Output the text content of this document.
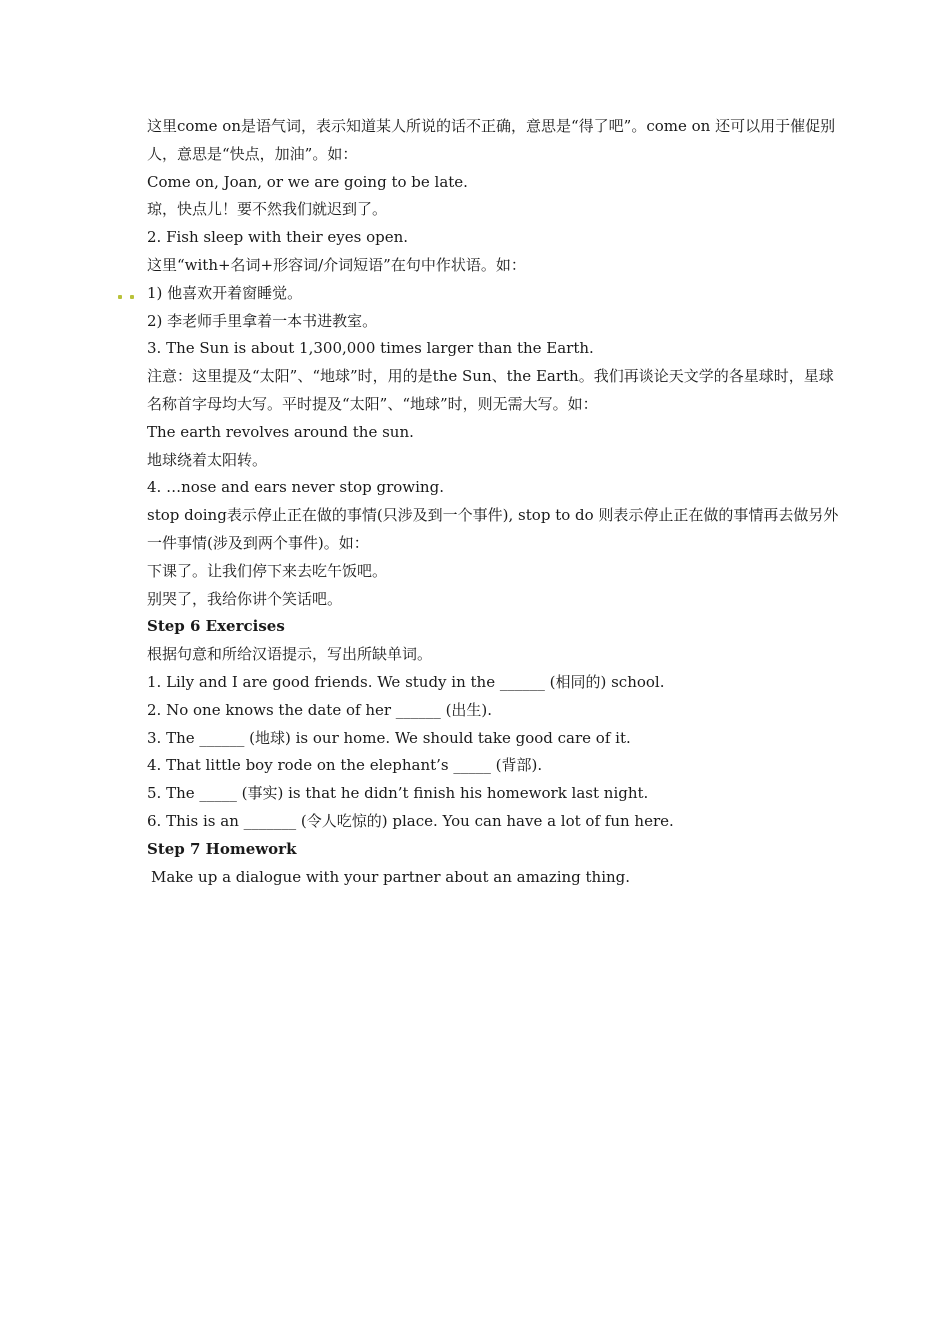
这里come on是语气词，表示知道某人所说的话不正确，意思是“得了吧”。come on 还可以用于催促别人，意思是“快点，加油”。如：
Come on, Joan, or we are going to be late.
琼，快点儿！要不然我们就迟到了。
2. Fish sleep with their eyes open.
这里“with+名词+形容词/介词短语”在句中作状语。如：
1) 他喜欢开着窗睡觉。
2) 李老师手里拿着一本书进教室。
3. The Sun is about 1,300,000 times larger than the Earth.
注意：这里提及“太阳”、“地球”时，用的是the Sun、the Earth。我们再谈论天文学的各星球时，星球名称首字母均大写。平时提及“太阳”、“地球”时，则无需大写。如：
The earth revolves around the sun.
地球绕着太阳转。
4. …nose and ears never stop growing.
stop doing表示停止正在做的事情(只涉及到一个事件), stop to do 则表示停止正在做的事情再去做另外一件事情(涉及到两个事件)。如：
下课了。让我们停下来去吃午饭吧。
别哭了，我给你讲个笑话吧。
Step 6 Exercises
根据句意和所给汉语提示，写出所缺单词。
1. Lily and I are good friends. We study in the ______ (相同的) school.
2. No one knows the date of her ______ (出生).
3. The ______ (地球) is our home. We should take good care of it.
4. That little boy rode on the elephant’s _____ (背部).
5. The _____ (事实) is that he didn’t finish his homework last night.
6. This is an _______ (令人吃惊的) place. You can have a lot of fun here.
Step 7 Homework
Make up a dialogue with your partner about an amazing thing.
